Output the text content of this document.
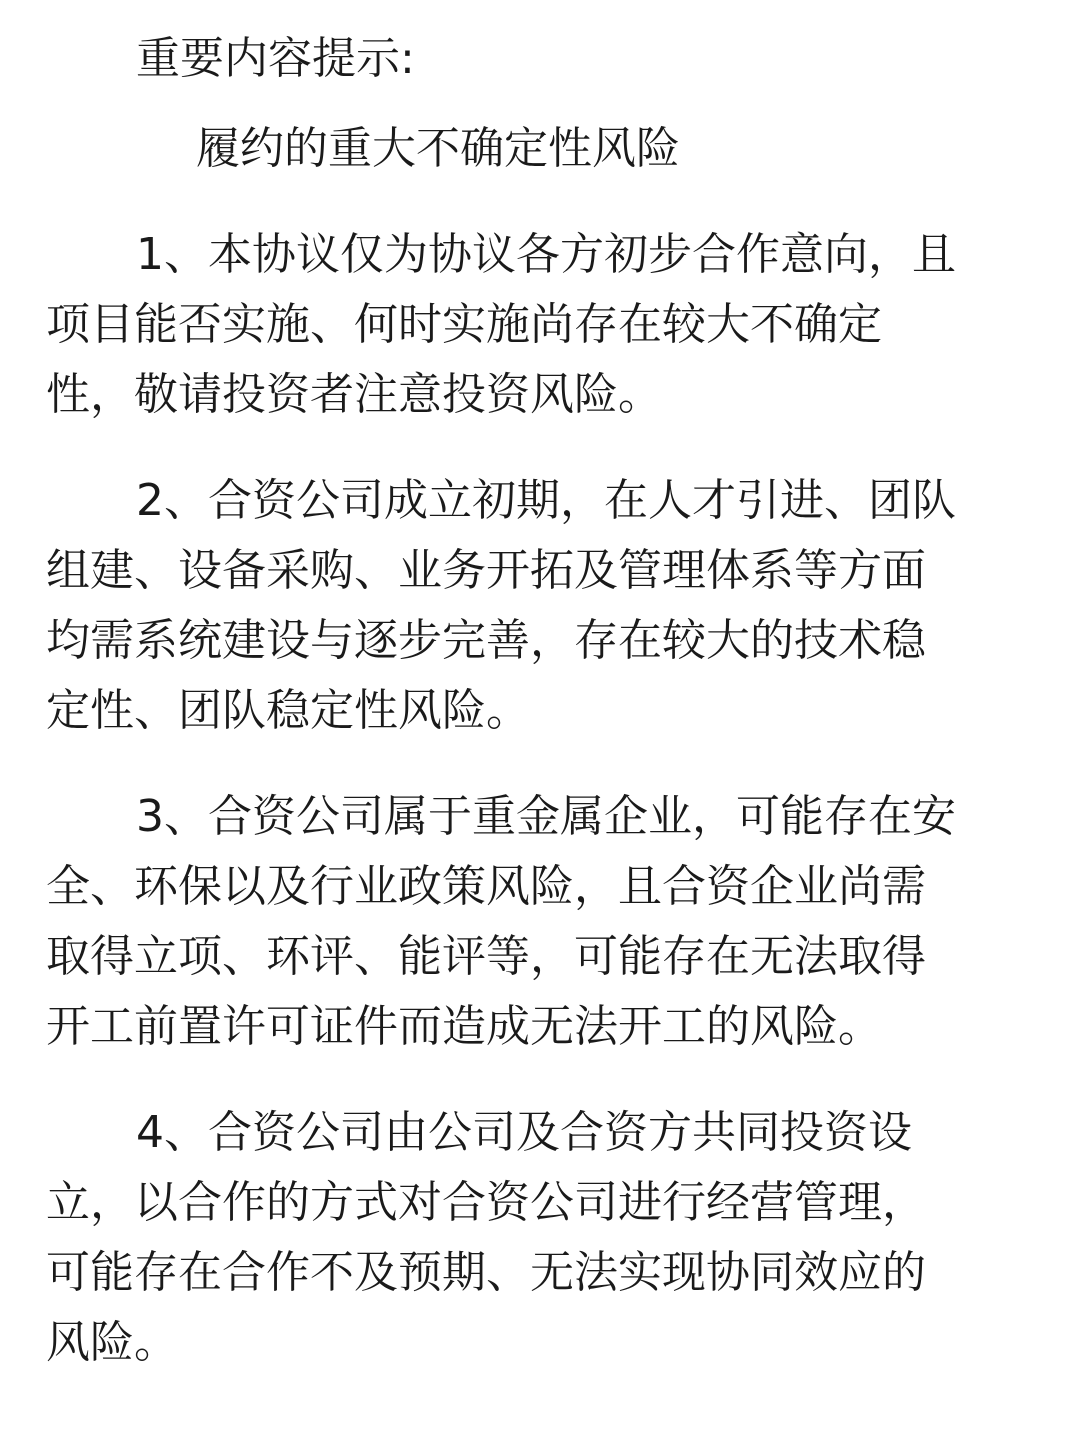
重要内容提示:
履约的重大不确定性风险
1、本协议仅为协议各方初步合作意向，且
项目能否实施、何时实施尚存在较大不确定
性，敬请投资者注意投资风险。
2、合资公司成立初期，在人才引进、团队
组建、设备采购、业务开拓及管理体系等方面
均需系统建设与逐步完善，存在较大的技术稳
定性、团队稳定性风险。
3、合资公司属于重金属企业，可能存在安
全、环保以及行业政策风险，且合资企业尚需
取得立项、环评、能评等，可能存在无法取得
开工前置许可证件而造成无法开工的风险。
4、合资公司由公司及合资方共同投资设
立，以合作的方式对合资公司进行经营管理，
可能存在合作不及预期、无法实现协同效应的
风险。
